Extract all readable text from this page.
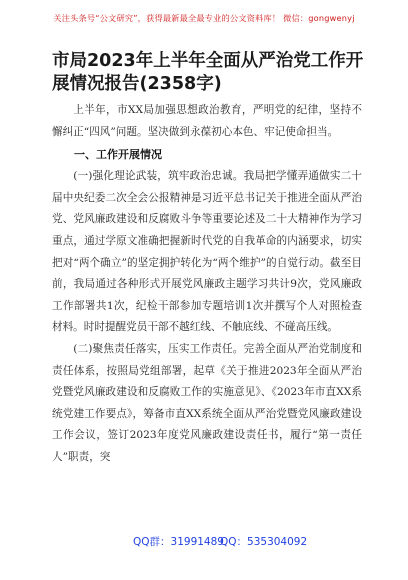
关注头条号“公文研究”，获得最新最全最专业的公文资料库！ 微信：gongwenyj
市局2023年上半年全面从严治党工作开展情况报告(2358字)

上半年，市XX局加强思想政治教育，严明党的纪律，坚持不懈纠正“四风”问题。坚决做到永葆初心本色、牢记使命担当。

一、工作开展情况

(一)强化理论武装，筑牢政治忠诚。我局把学懂弄通做实二十届中央纪委二次全会公报精神是习近平总书记关于推进全面从严治党、党风廉政建设和反腐败斗争等重要论述及二十大精神作为学习重点，通过学原文准确把握新时代党的自我革命的内涵要求，切实把对“两个确立”的坚定拥护转化为“两个维护”的自觉行动。截至目前，我局通过各种形式开展党风廉政主题学习共计9次，党风廉政工作部署共1次，纪检干部参加专题培训1次并撰写个人对照检查材料。时时提醒党员干部不越红线、不触底线、不碰高压线。

(二)聚焦责任落实，压实工作责任。完善全面从严治党制度和责任体系，按照局党组部署，起草《关于推进2023年全面从严治党暨党风廉政建设和反腐败工作的实施意见》、《2023年市直XX系统党建工作要点》，筹备市直XX系统全面从严治党暨党风廉政建设工作会议，签订2023年度党风廉政建设责任书，履行“第一责任人”职责，突

QQ群：31991489
QQ：535304092
